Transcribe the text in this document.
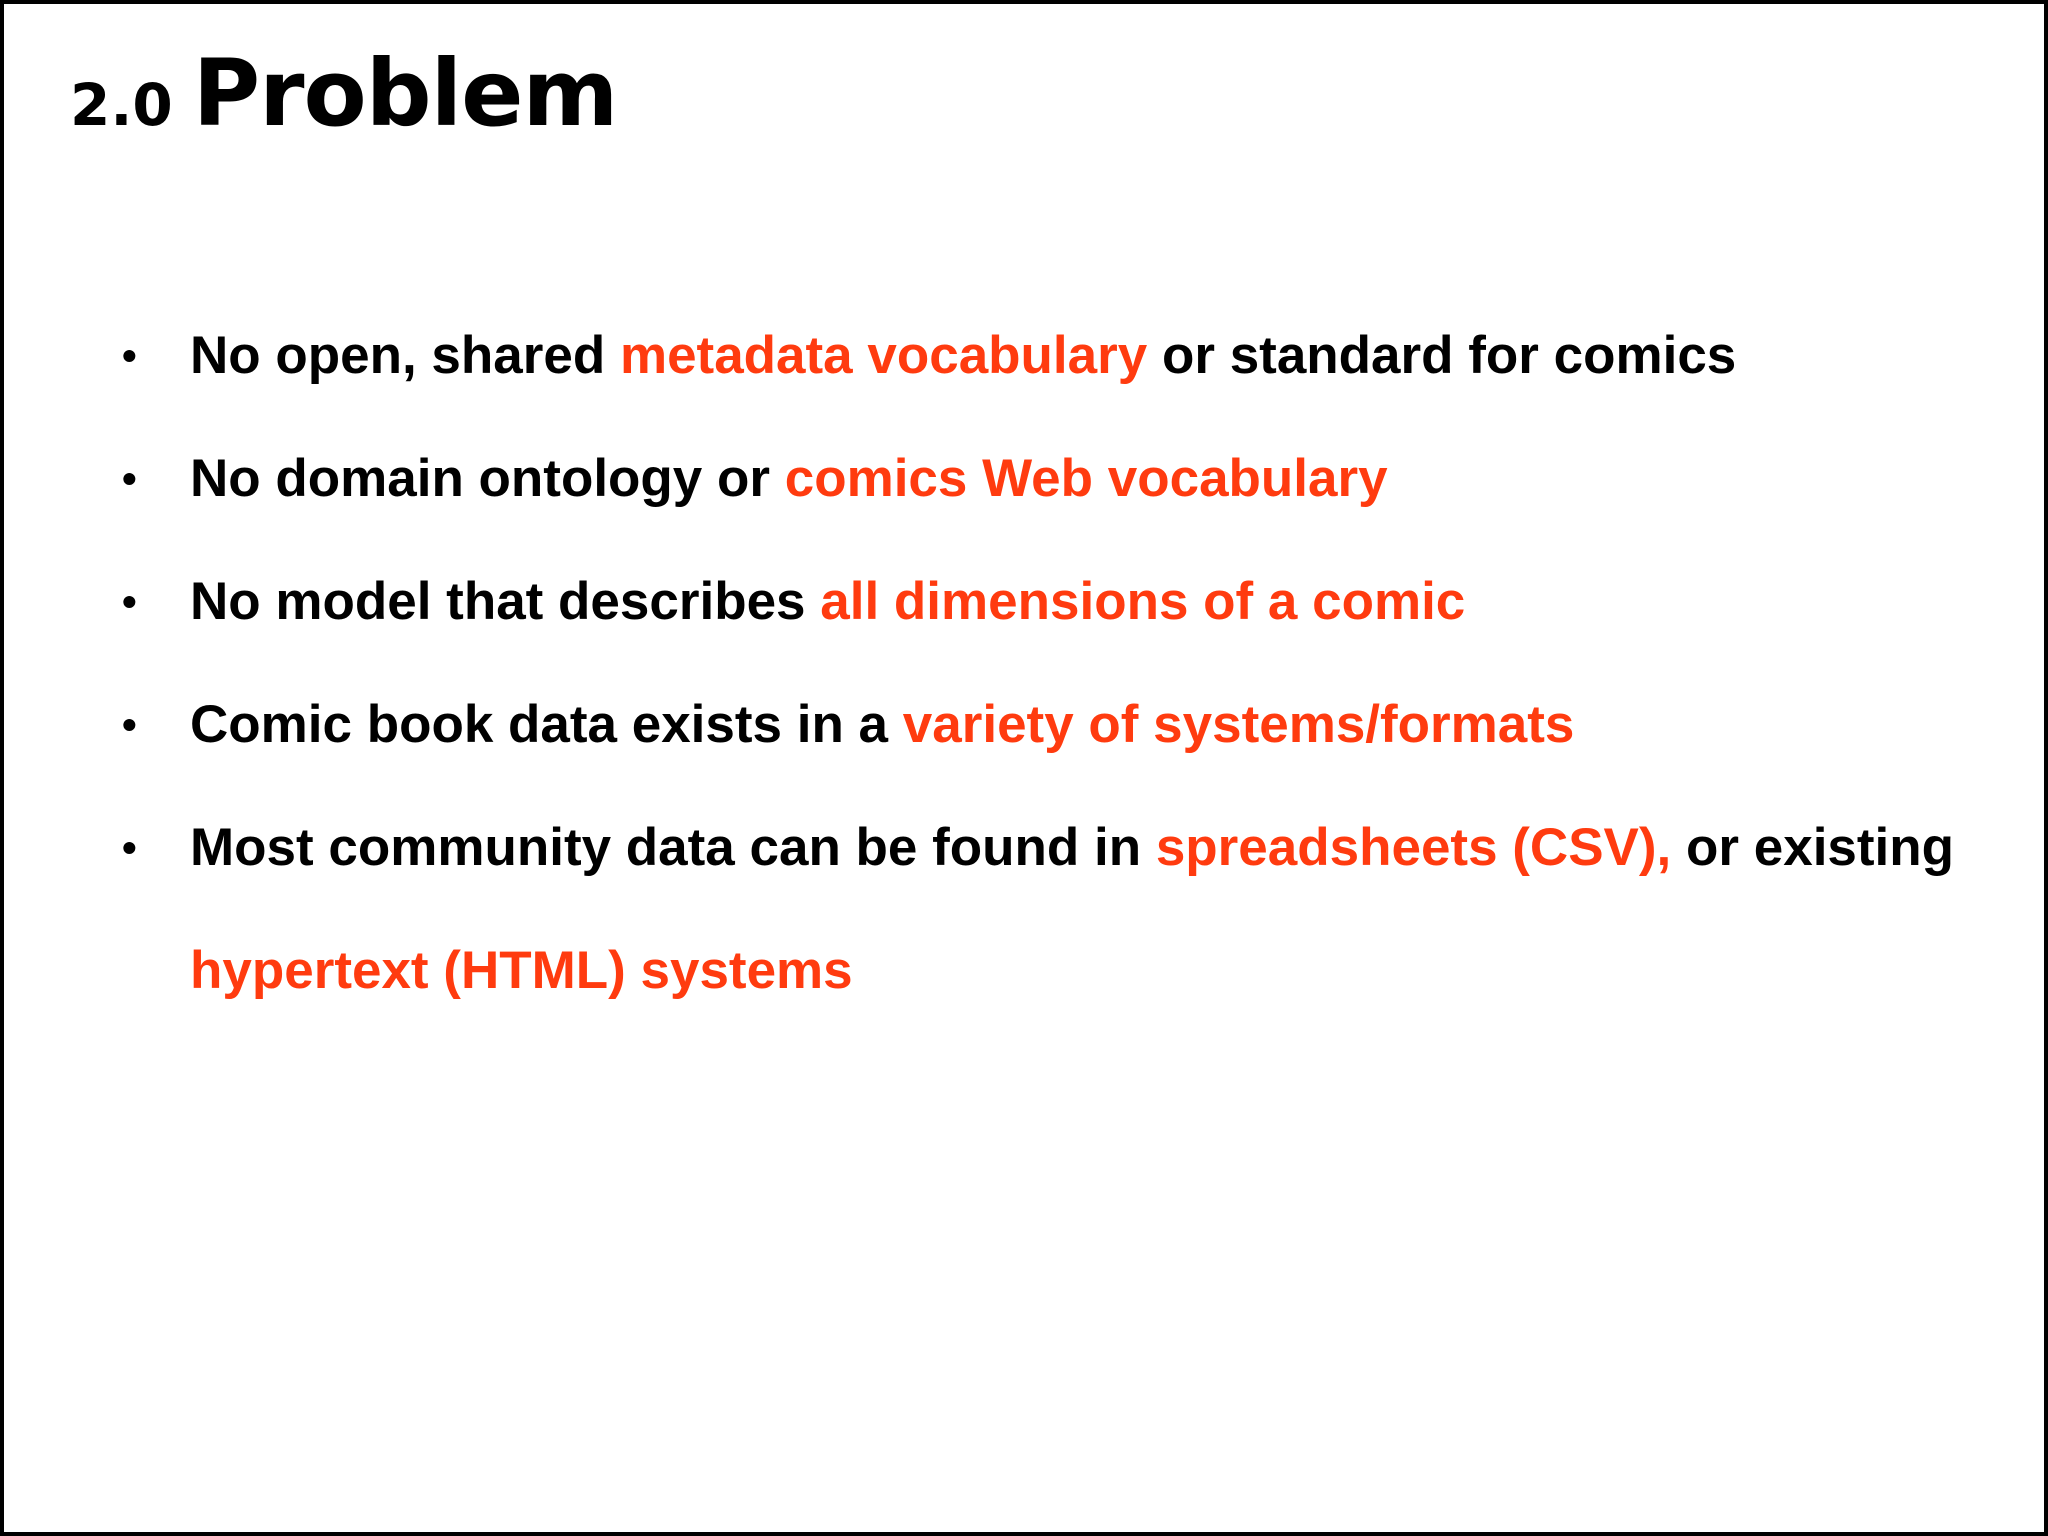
2.0 Problem
• No open, shared metadata vocabulary or standard for comics
• No domain ontology or comics Web vocabulary
• No model that describes all dimensions of a comic
• Comic book data exists in a variety of systems/formats
• Most community data can be found in spreadsheets (CSV), or existing hypertext (HTML) systems
